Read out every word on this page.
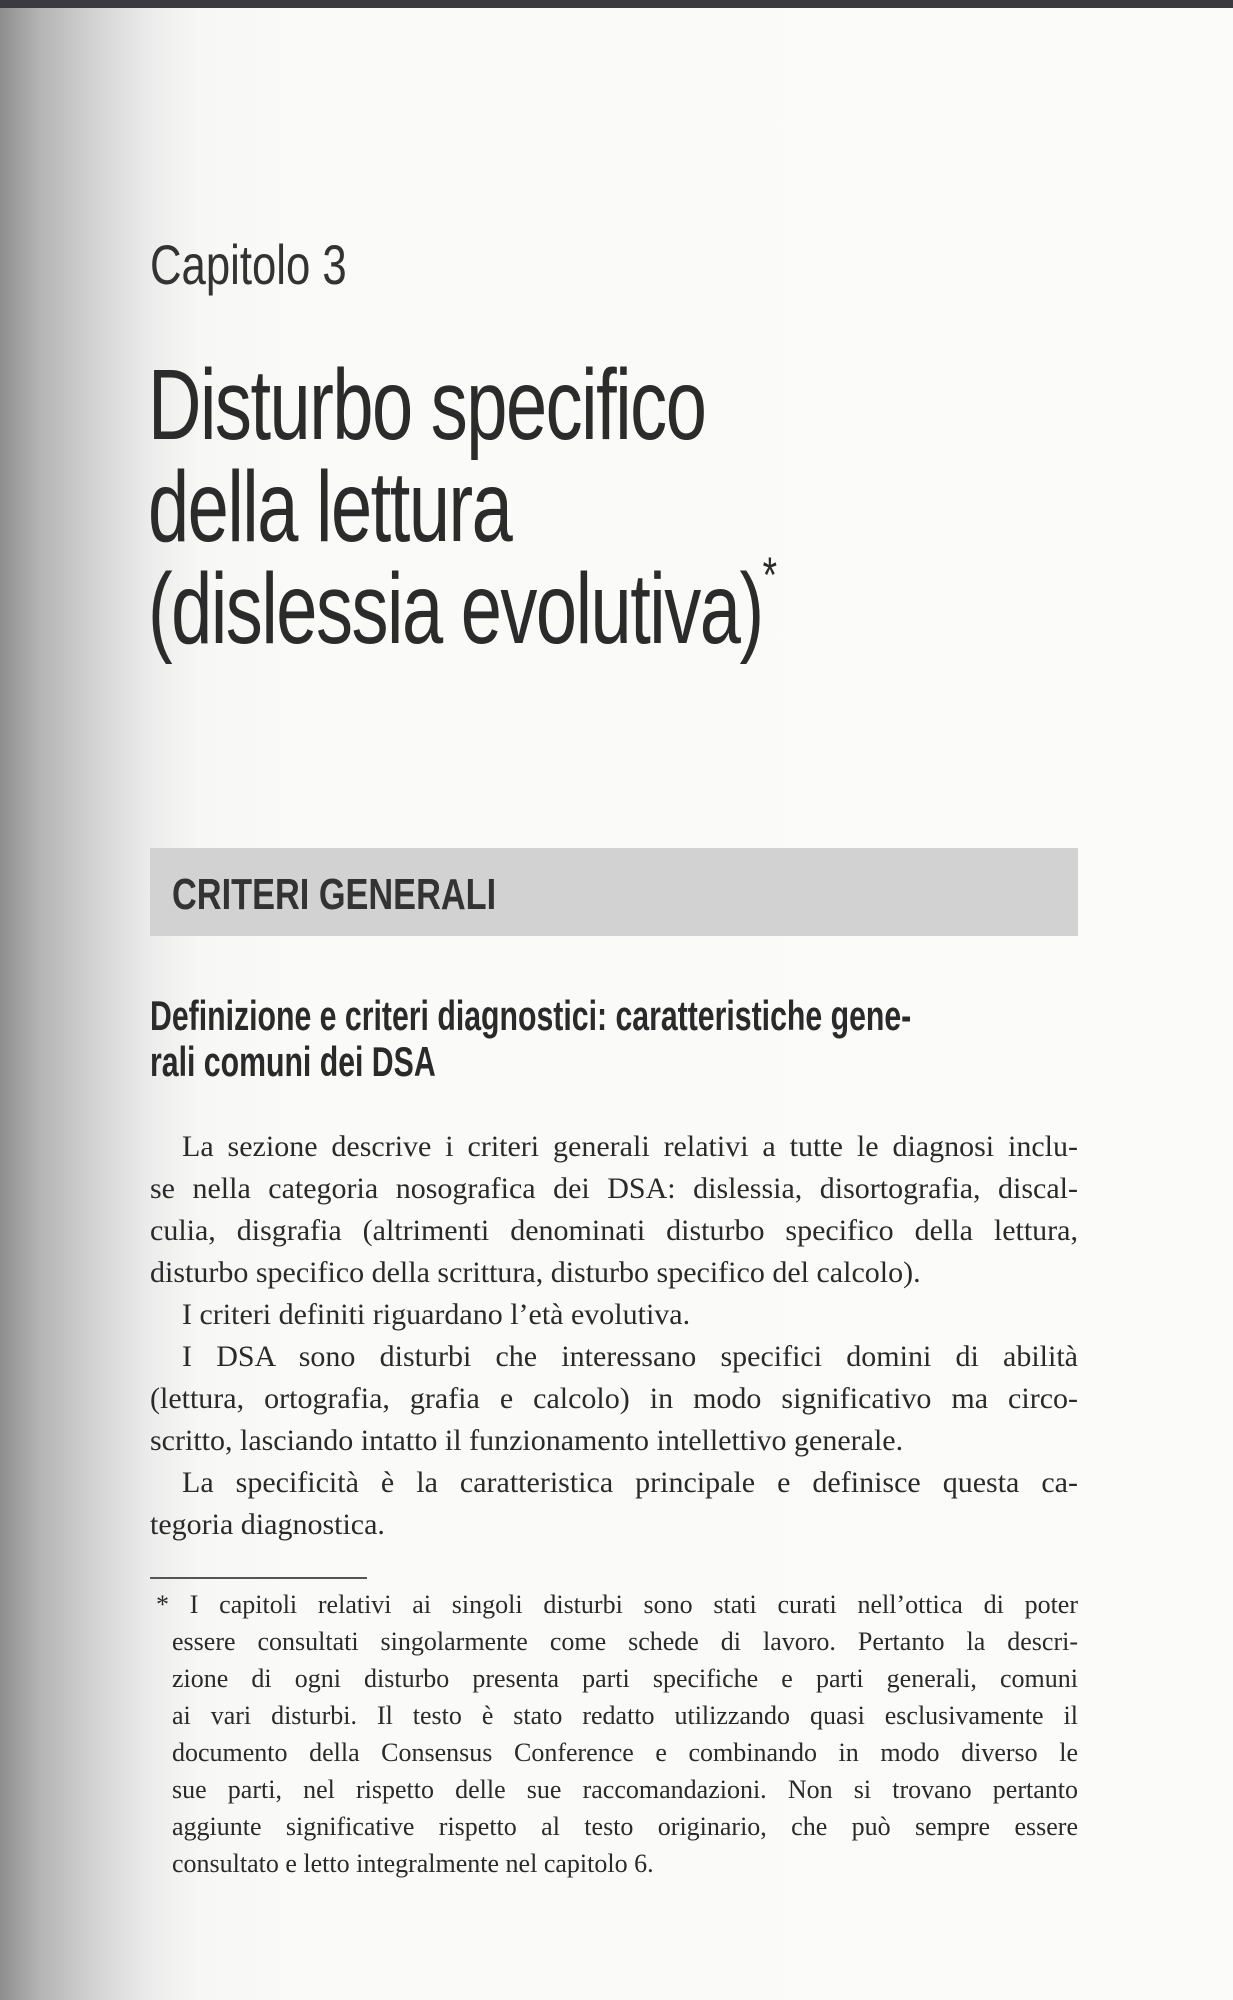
Capitolo 3
Disturbo specifico
della lettura
(dislessia evolutiva)*
CRITERI GENERALI
Definizione e criteri diagnostici: caratteristiche gene-
rali comuni dei DSA
La sezione descrive i criteri generali relativi a tutte le diagnosi inclu-
se nella categoria nosografica dei DSA: dislessia, disortografia, discal-
culia, disgrafia (altrimenti denominati disturbo specifico della lettura,
disturbo specifico della scrittura, disturbo specifico del calcolo).
I criteri definiti riguardano l’età evolutiva.
I DSA sono disturbi che interessano specifici domini di abilità
(lettura, ortografia, grafia e calcolo) in modo significativo ma circo-
scritto, lasciando intatto il funzionamento intellettivo generale.
La specificità è la caratteristica principale e definisce questa ca-
tegoria diagnostica.
* I capitoli relativi ai singoli disturbi sono stati curati nell’ottica di poter
essere consultati singolarmente come schede di lavoro. Pertanto la descri-
zione di ogni disturbo presenta parti specifiche e parti generali, comuni
ai vari disturbi. Il testo è stato redatto utilizzando quasi esclusivamente il
documento della Consensus Conference e combinando in modo diverso le
sue parti, nel rispetto delle sue raccomandazioni. Non si trovano pertanto
aggiunte significative rispetto al testo originario, che può sempre essere
consultato e letto integralmente nel capitolo 6.
